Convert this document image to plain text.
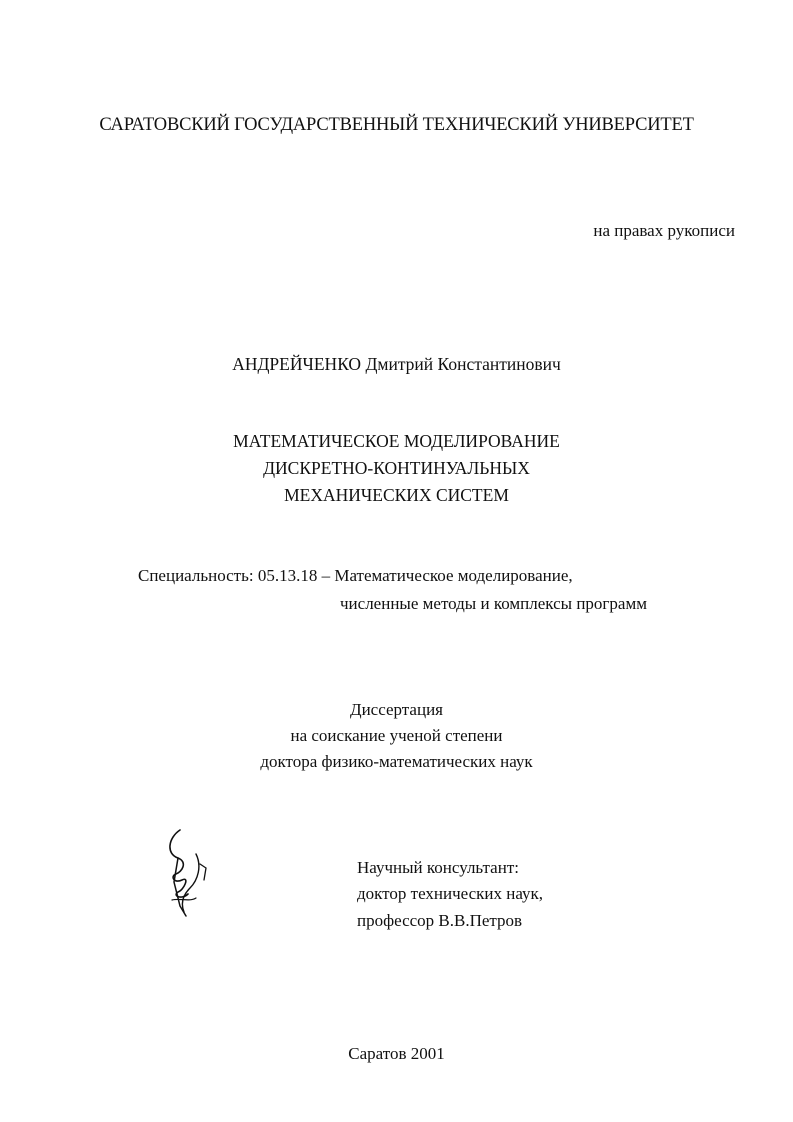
САРАТОВСКИЙ ГОСУДАРСТВЕННЫЙ ТЕХНИЧЕСКИЙ УНИВЕРСИТЕТ
на правах рукописи
АНДРЕЙЧЕНКО Дмитрий Константинович
МАТЕМАТИЧЕСКОЕ МОДЕЛИРОВАНИЕ
ДИСКРЕТНО-КОНТИНУАЛЬНЫХ
МЕХАНИЧЕСКИХ СИСТЕМ
Специальность: 05.13.18 – Математическое моделирование,
численные методы и комплексы программ
Диссертация
на соискание ученой степени
доктора физико-математических наук
Научный консультант:
доктор технических наук,
профессор В.В.Петров
Саратов 2001
